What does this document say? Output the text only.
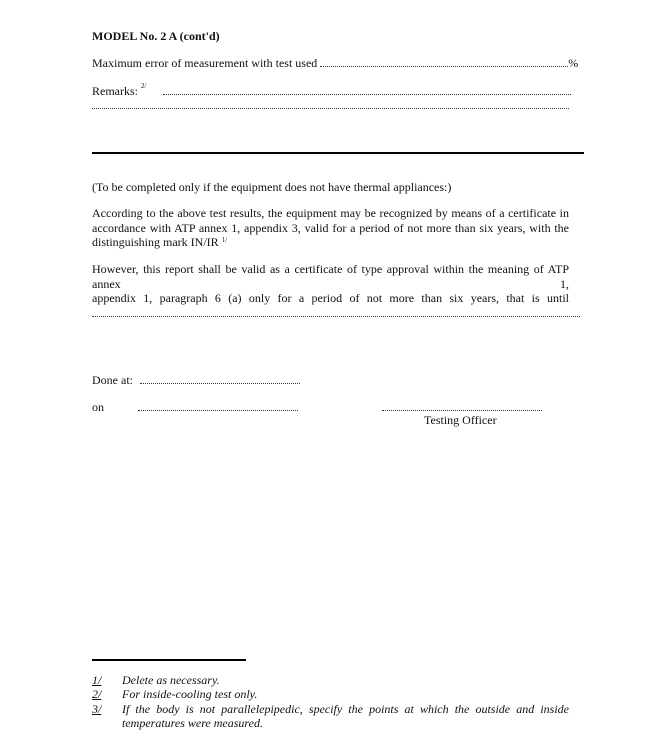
MODEL No. 2 A (cont'd)
Maximum error of measurement with test used	%
Remarks: $^{2/}$
(To be completed only if the equipment does not have thermal appliances:)
According to the above test results, the equipment may be recognized by means of a certificate in accordance with ATP annex 1, appendix 3, valid for a period of not more than six years, with the distinguishing mark IN/IR $^{1/}$
However, this report shall be valid as a certificate of type approval within the meaning of ATP annex 1,
appendix 1, paragraph 6 (a) only for a period of not more than six years, that is until
Done at:
on
Testing Officer
1/ Delete as necessary.
2/ For inside-cooling test only.
3/ If the body is not parallelepipedic, specify the points at which the outside and inside temperatures were measured.
